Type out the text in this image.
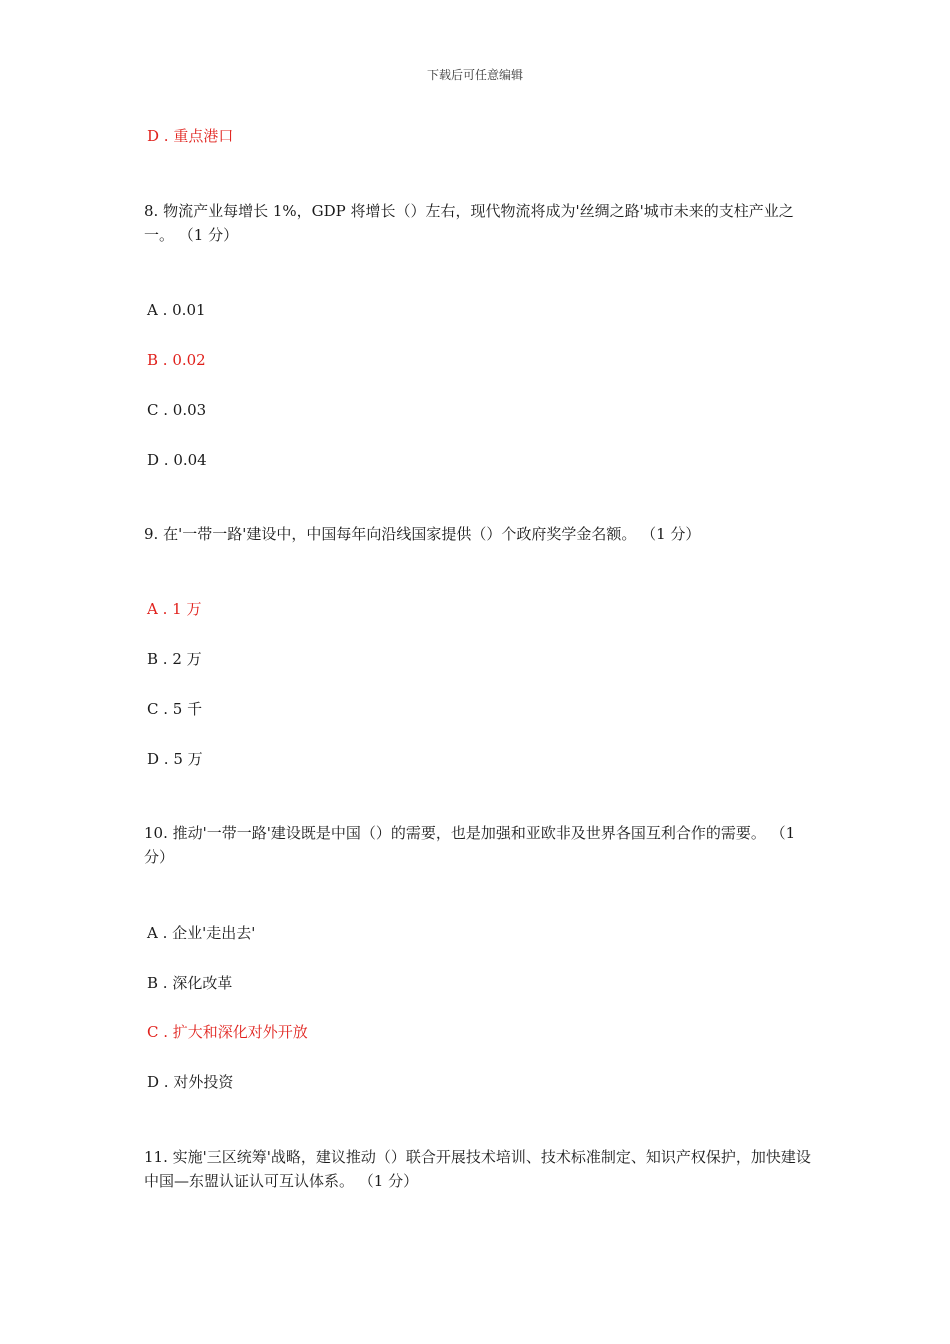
下载后可任意编辑
D . 重点港口
8. 物流产业每增长 1%，GDP 将增长（）左右，现代物流将成为'丝绸之路'城市未来的支柱产业之一。 （1 分）
A . 0.01
B . 0.02
C . 0.03
D . 0.04
9. 在'一带一路'建设中，中国每年向沿线国家提供（）个政府奖学金名额。 （1 分）
A . 1 万
B . 2 万
C . 5 千
D . 5 万
10. 推动'一带一路'建设既是中国（）的需要，也是加强和亚欧非及世界各国互利合作的需要。 （1 分）
A . 企业'走出去'
B . 深化改革
C . 扩大和深化对外开放
D . 对外投资
11. 实施'三区统筹'战略，建议推动（）联合开展技术培训、技术标准制定、知识产权保护，加快建设中国—东盟认证认可互认体系。 （1 分）
